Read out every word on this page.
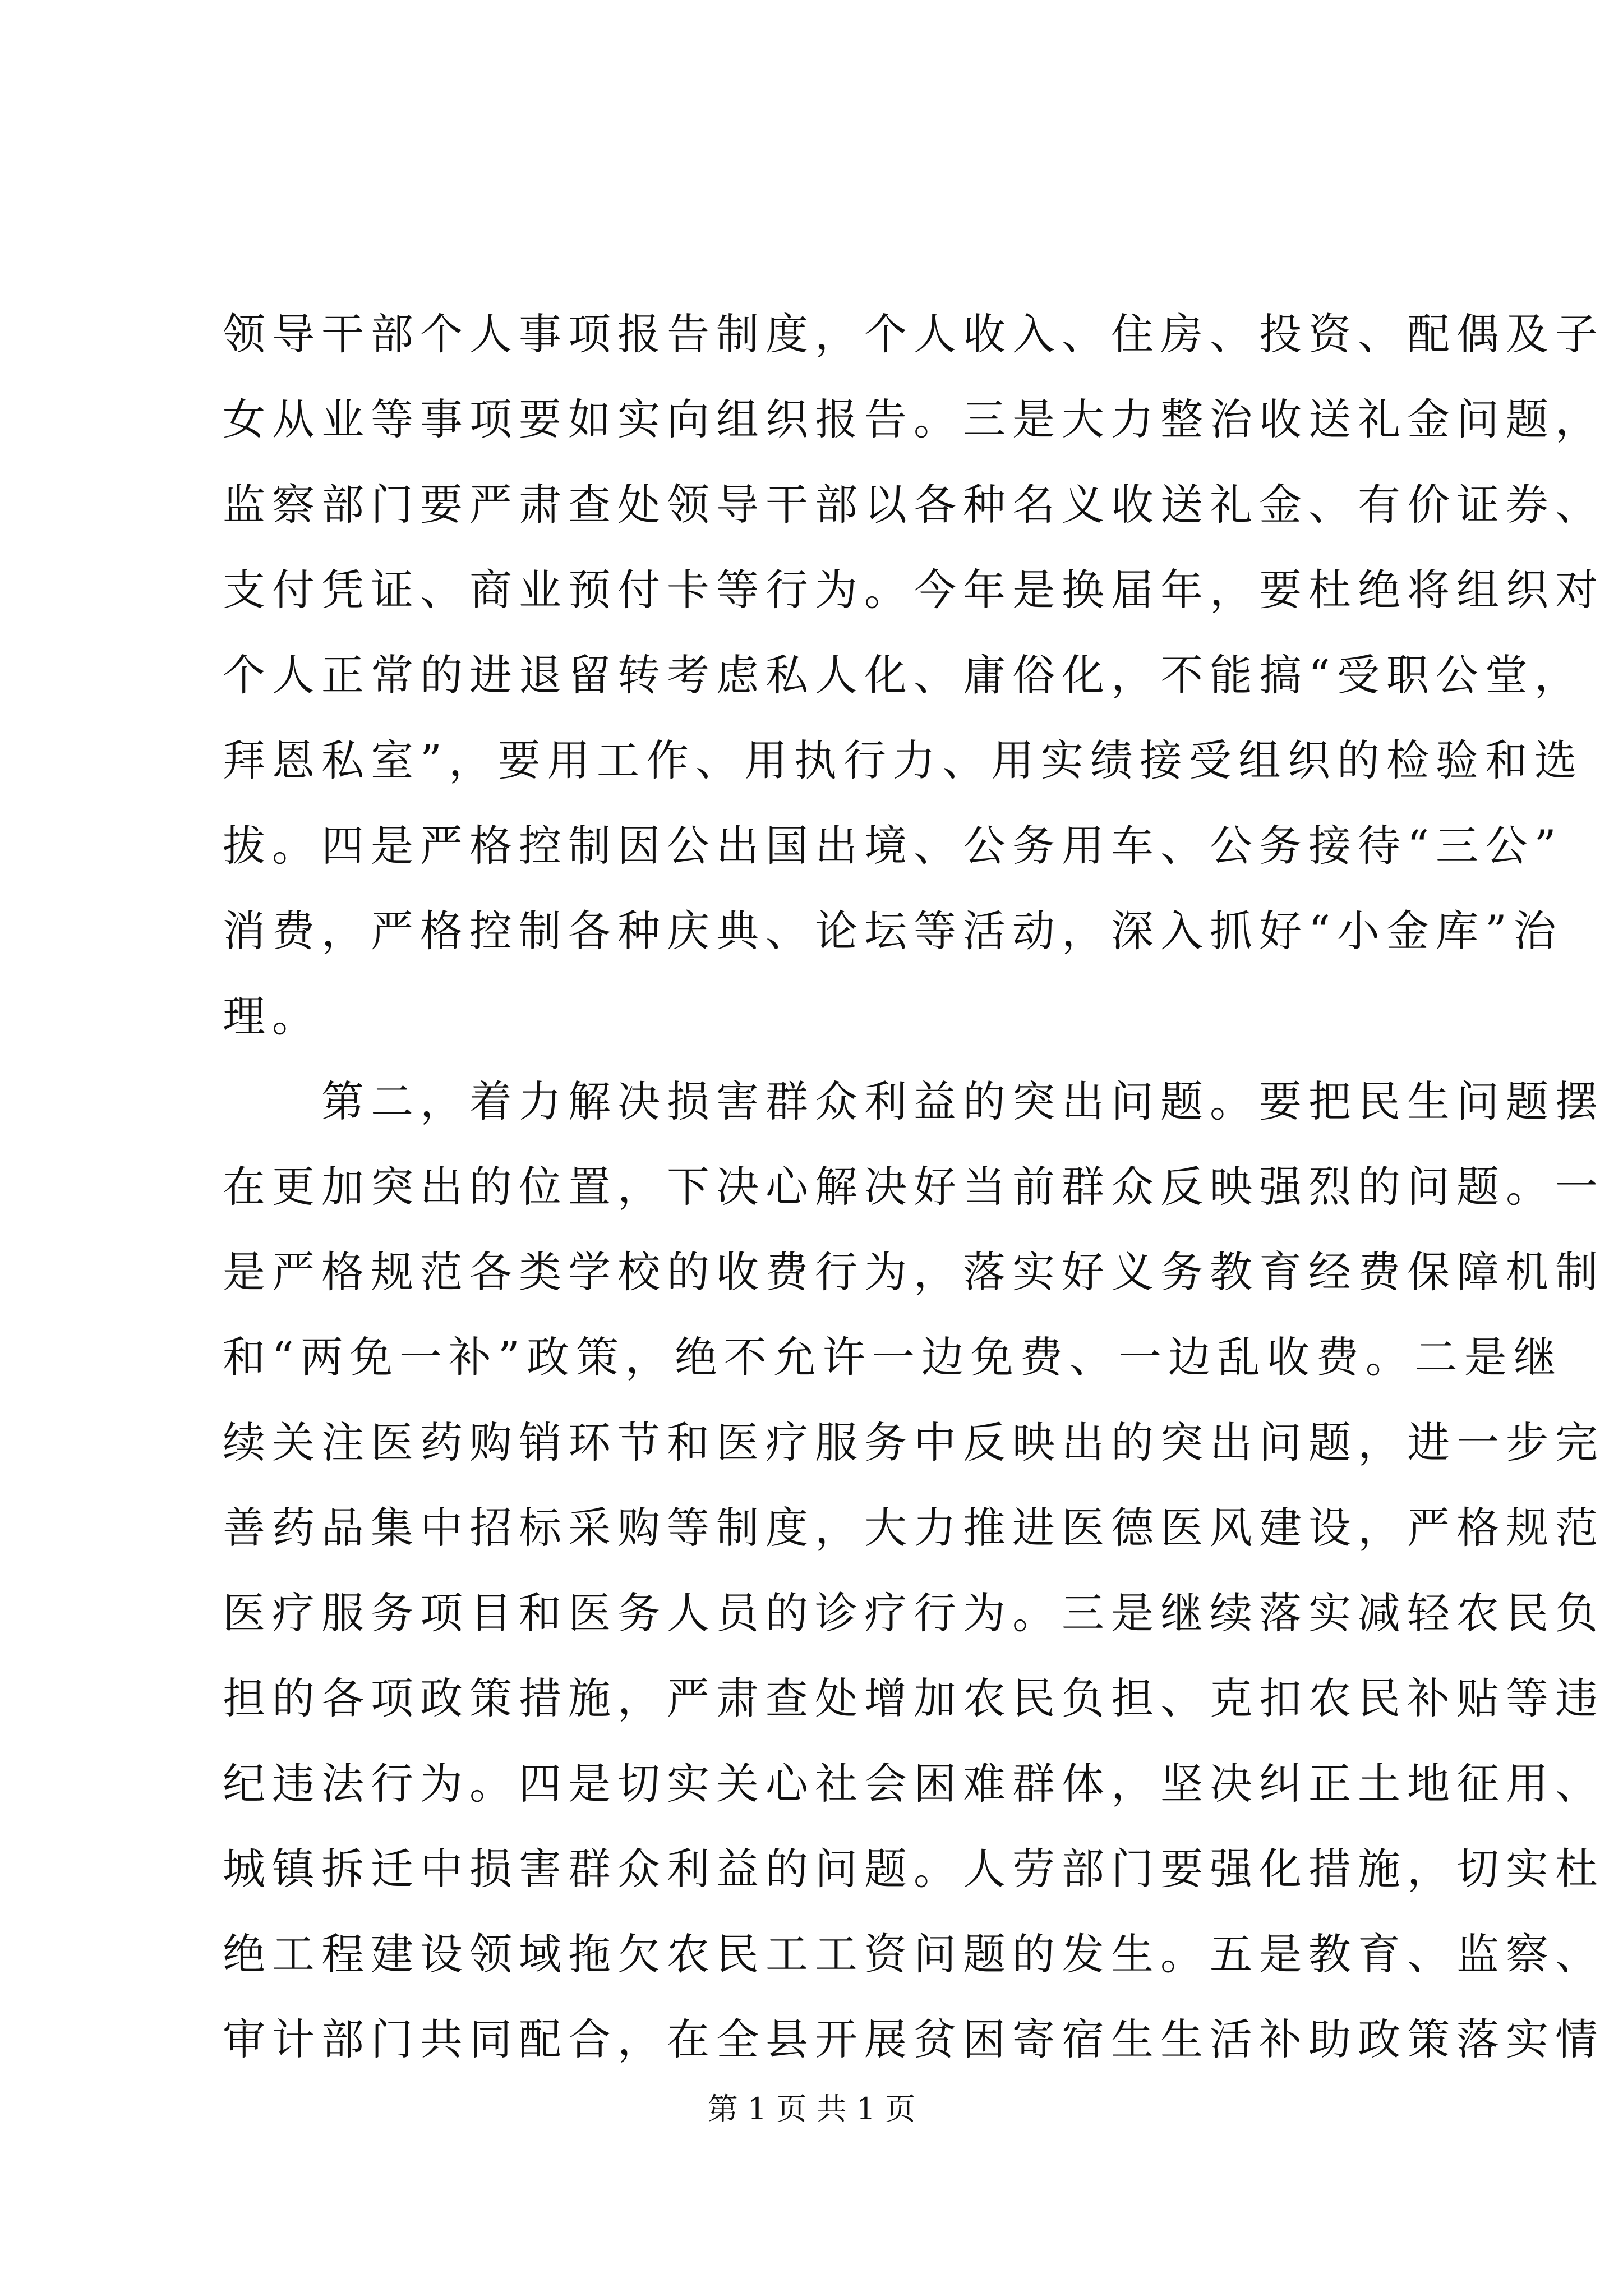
领导干部个人事项报告制度，个人收入、住房、投资、配偶及子
女从业等事项要如实向组织报告。三是大力整治收送礼金问题，
监察部门要严肃查处领导干部以各种名义收送礼金、有价证券、
支付凭证、商业预付卡等行为。今年是换届年，要杜绝将组织对
个人正常的进退留转考虑私人化、庸俗化，不能搞“受职公堂，
拜恩私室”，要用工作、用执行力、用实绩接受组织的检验和选
拔。四是严格控制因公出国出境、公务用车、公务接待“三公”
消费，严格控制各种庆典、论坛等活动，深入抓好“小金库”治
理。
　　第二，着力解决损害群众利益的突出问题。要把民生问题摆
在更加突出的位置，下决心解决好当前群众反映强烈的问题。一
是严格规范各类学校的收费行为，落实好义务教育经费保障机制
和“两免一补”政策，绝不允许一边免费、一边乱收费。二是继
续关注医药购销环节和医疗服务中反映出的突出问题，进一步完
善药品集中招标采购等制度，大力推进医德医风建设，严格规范
医疗服务项目和医务人员的诊疗行为。三是继续落实减轻农民负
担的各项政策措施，严肃查处增加农民负担、克扣农民补贴等违
纪违法行为。四是切实关心社会困难群体，坚决纠正土地征用、
城镇拆迁中损害群众利益的问题。人劳部门要强化措施，切实杜
绝工程建设领域拖欠农民工工资问题的发生。五是教育、监察、
审计部门共同配合，在全县开展贫困寄宿生生活补助政策落实情
第 1 页 共 1 页
